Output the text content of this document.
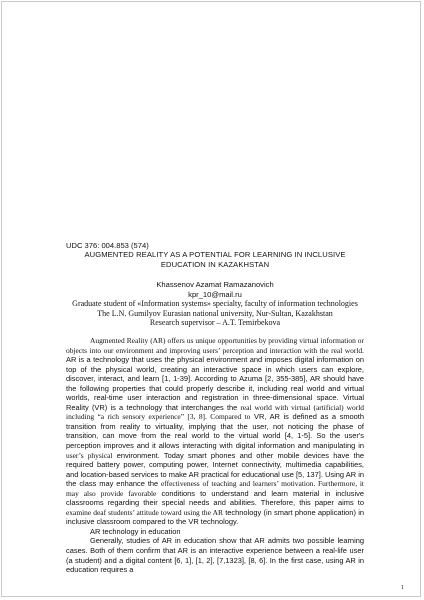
UDC 376: 004.853 (574)
AUGMENTED REALITY AS A POTENTIAL FOR LEARNING IN INCLUSIVE EDUCATION IN KAZAKHSTAN
Khassenov Azamat Ramazanovich
kpr_10@mail.ru
Graduate student of «Information systems» specialty, faculty of information technologies The L.N. Gumilyov Eurasian national university, Nur-Sultan, Kazakhstan
Research supervisor – A.T. Temirbekova

Augmented Reality (AR) offers us unique opportunities by providing virtual information or objects into our environment and improving users’ perception and interaction with the real world. AR is a technology that uses the physical environment and imposes digital information on top of the physical world, creating an interactive space in which users can explore, discover, interact, and learn [1, 1-39]. According to Azuma [2, 355-385], AR should have the following properties that could properly describe it, including real world and virtual worlds, real-time user interaction and registration in three-dimensional space. Virtual Reality (VR) is a technology that interchanges the real world with virtual (artificial) world including “a rich sensory experience” [3, 8]. Compared to VR, AR is defined as a smooth transition from reality to virtuality, implying that the user, not noticing the phase of transition, can move from the real world to the virtual world [4, 1-5]. So the user's perception improves and it allows interacting with digital information and manipulating in user’s physical environment. Today smart phones and other mobile devices have the required battery power, computing power, Internet connectivity, multimedia capabilities, and location-based services to make AR practical for educational use [5, 137]. Using AR in the class may enhance the effectiveness of teaching and learners’ motivation. Furthermore, it may also provide favorable conditions to understand and learn material in inclusive classrooms regarding their special needs and abilities. Therefore, this paper aims to examine deaf students’ attitude toward using the AR technology (in smart phone application) in inclusive classroom compared to the VR technology.

AR technology in education

Generally, studies of AR in education show that AR admits two possible learning cases. Both of them confirm that AR is an interactive experience between a real-life user (a student) and a digital content [6, 1], [1, 2], [7,1323], [8, 6]. In the first case, using AR in education requires a

1
